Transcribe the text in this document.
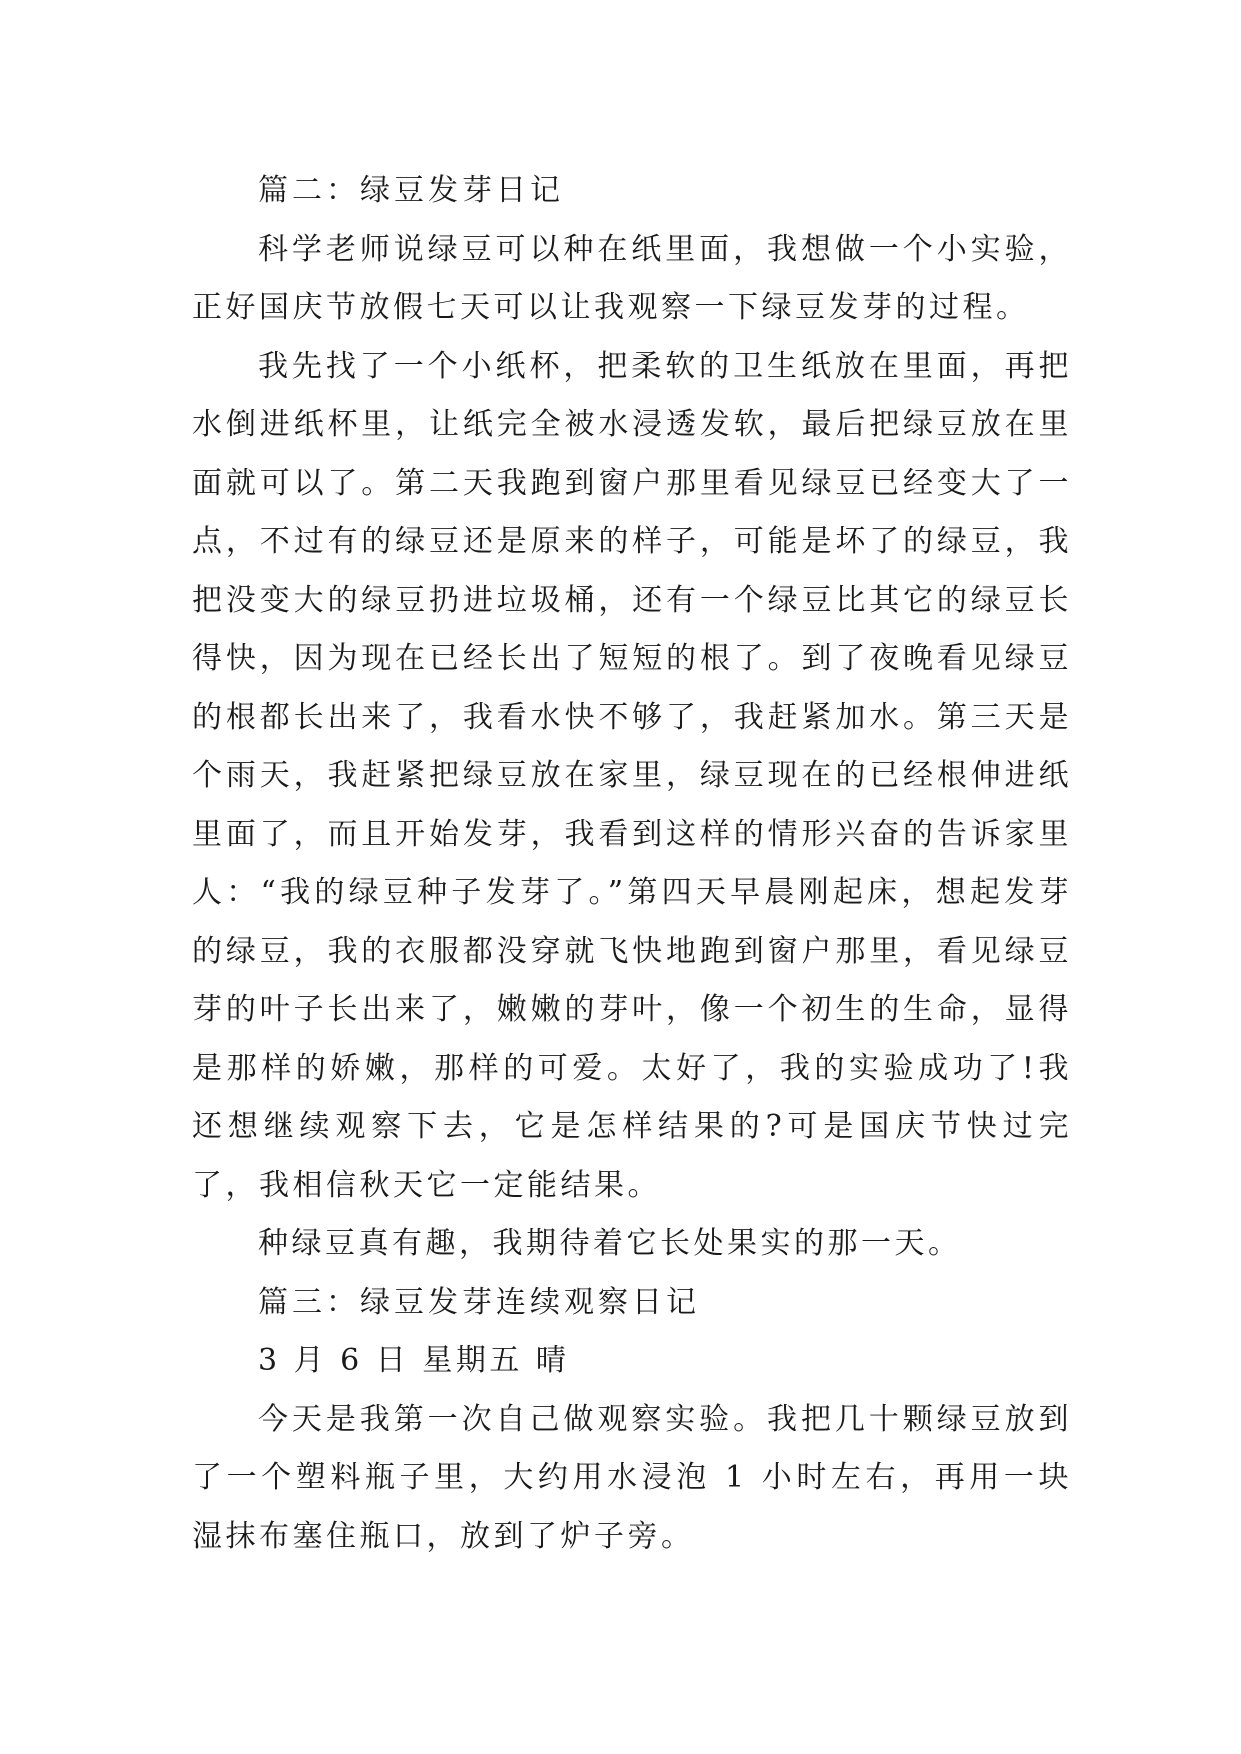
篇二：绿豆发芽日记

科学老师说绿豆可以种在纸里面，我想做一个小实验，正好国庆节放假七天可以让我观察一下绿豆发芽的过程。

我先找了一个小纸杯，把柔软的卫生纸放在里面，再把水倒进纸杯里，让纸完全被水浸透发软，最后把绿豆放在里面就可以了。第二天我跑到窗户那里看见绿豆已经变大了一点，不过有的绿豆还是原来的样子，可能是坏了的绿豆，我把没变大的绿豆扔进垃圾桶，还有一个绿豆比其它的绿豆长得快，因为现在已经长出了短短的根了。到了夜晚看见绿豆的根都长出来了，我看水快不够了，我赶紧加水。第三天是个雨天，我赶紧把绿豆放在家里，绿豆现在的已经根伸进纸里面了，而且开始发芽，我看到这样的情形兴奋的告诉家里人：“我的绿豆种子发芽了。”第四天早晨刚起床，想起发芽的绿豆，我的衣服都没穿就飞快地跑到窗户那里，看见绿豆芽的叶子长出来了，嫩嫩的芽叶，像一个初生的生命，显得是那样的娇嫩，那样的可爱。太好了，我的实验成功了!我还想继续观察下去，它是怎样结果的?可是国庆节快过完了，我相信秋天它一定能结果。

种绿豆真有趣，我期待着它长处果实的那一天。

篇三：绿豆发芽连续观察日记

3 月 6 日 星期五 晴

今天是我第一次自己做观察实验。我把几十颗绿豆放到了一个塑料瓶子里，大约用水浸泡 1 小时左右，再用一块湿抹布塞住瓶口，放到了炉子旁。
